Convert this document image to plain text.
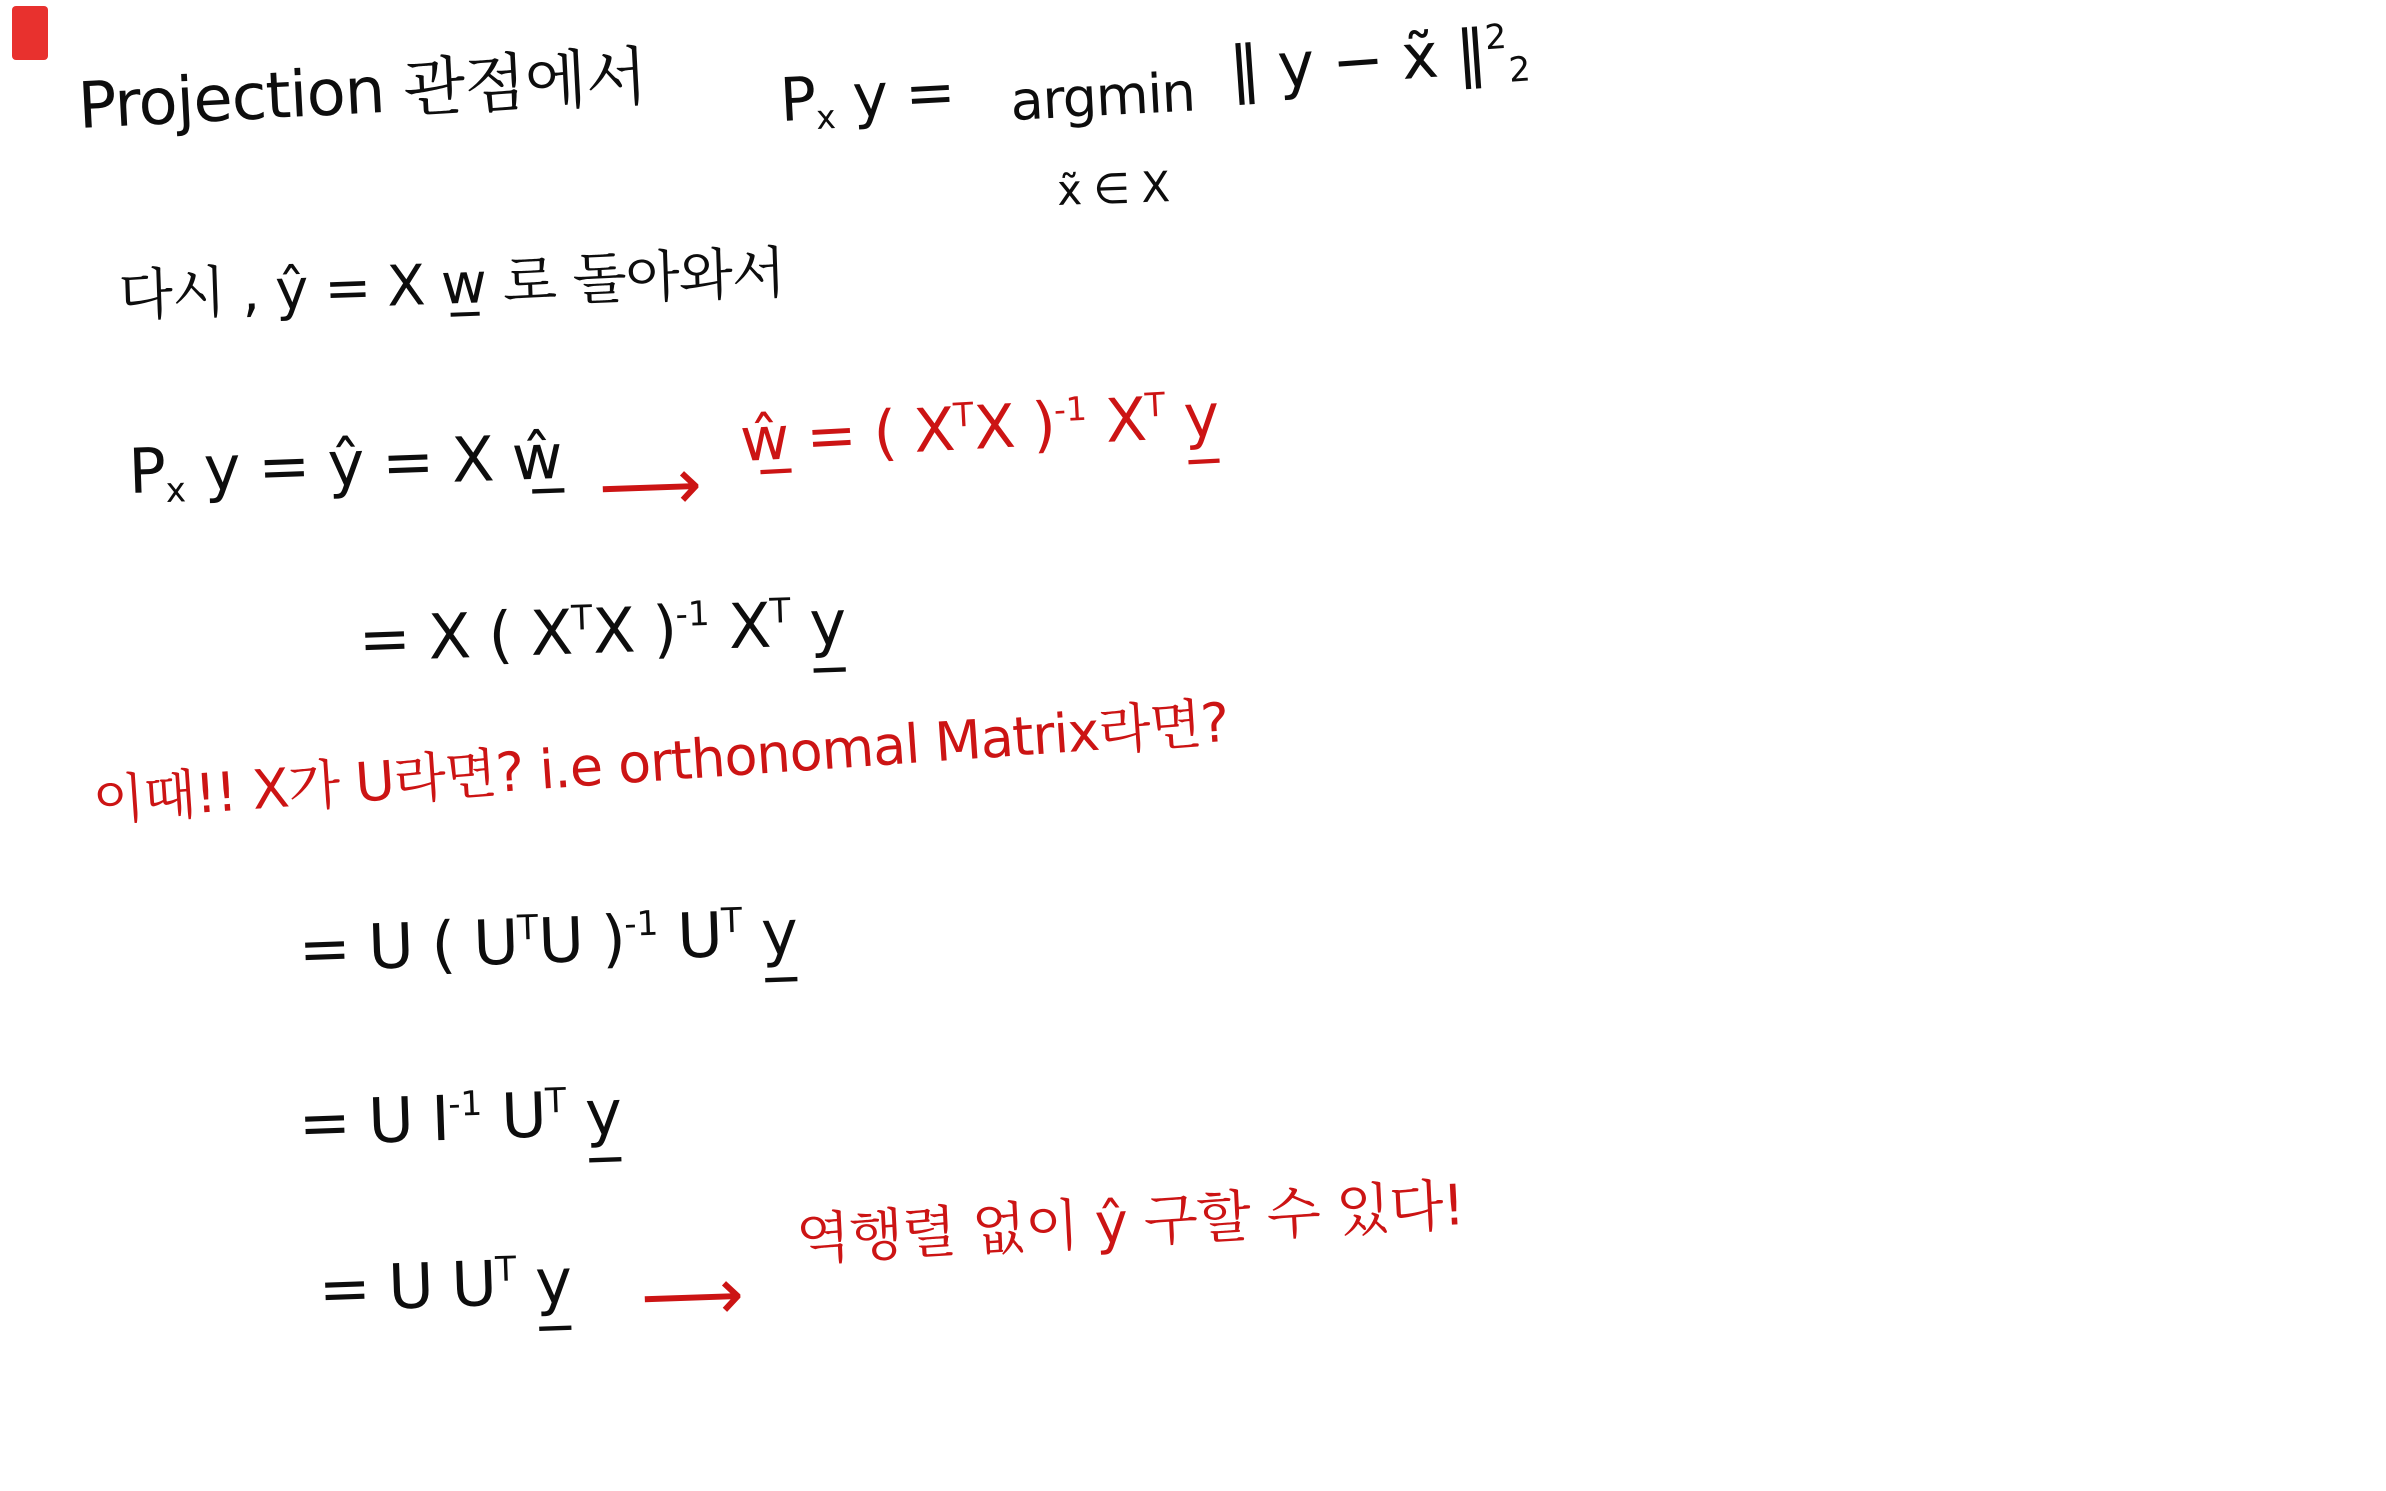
Projection 관점에서 $P_x$ y = argmin
x̃ ∈ X
‖ y − x̃ ‖$^2_2$
다시 , ŷ = X w̲ 로 돌아와서
$P_x$ y = ŷ = X ŵ̲ ⟶
ŵ̲ = ( $X^TX$ )$^{-1}$ $X^T$ y̲
= X ( $X^TX$ )$^{-1}$ $X^T$ y̲
이때!! X가 U라면? i.e orthonomal Matrix라면?
= U ( $U^TU$ )$^{-1}$ $U^T$ y̲
= U $I^{-1}$ $U^T$ y̲
= U $U^T$ y̲ ⟶
역행렬 없이 ŷ 구할 수 있다!
